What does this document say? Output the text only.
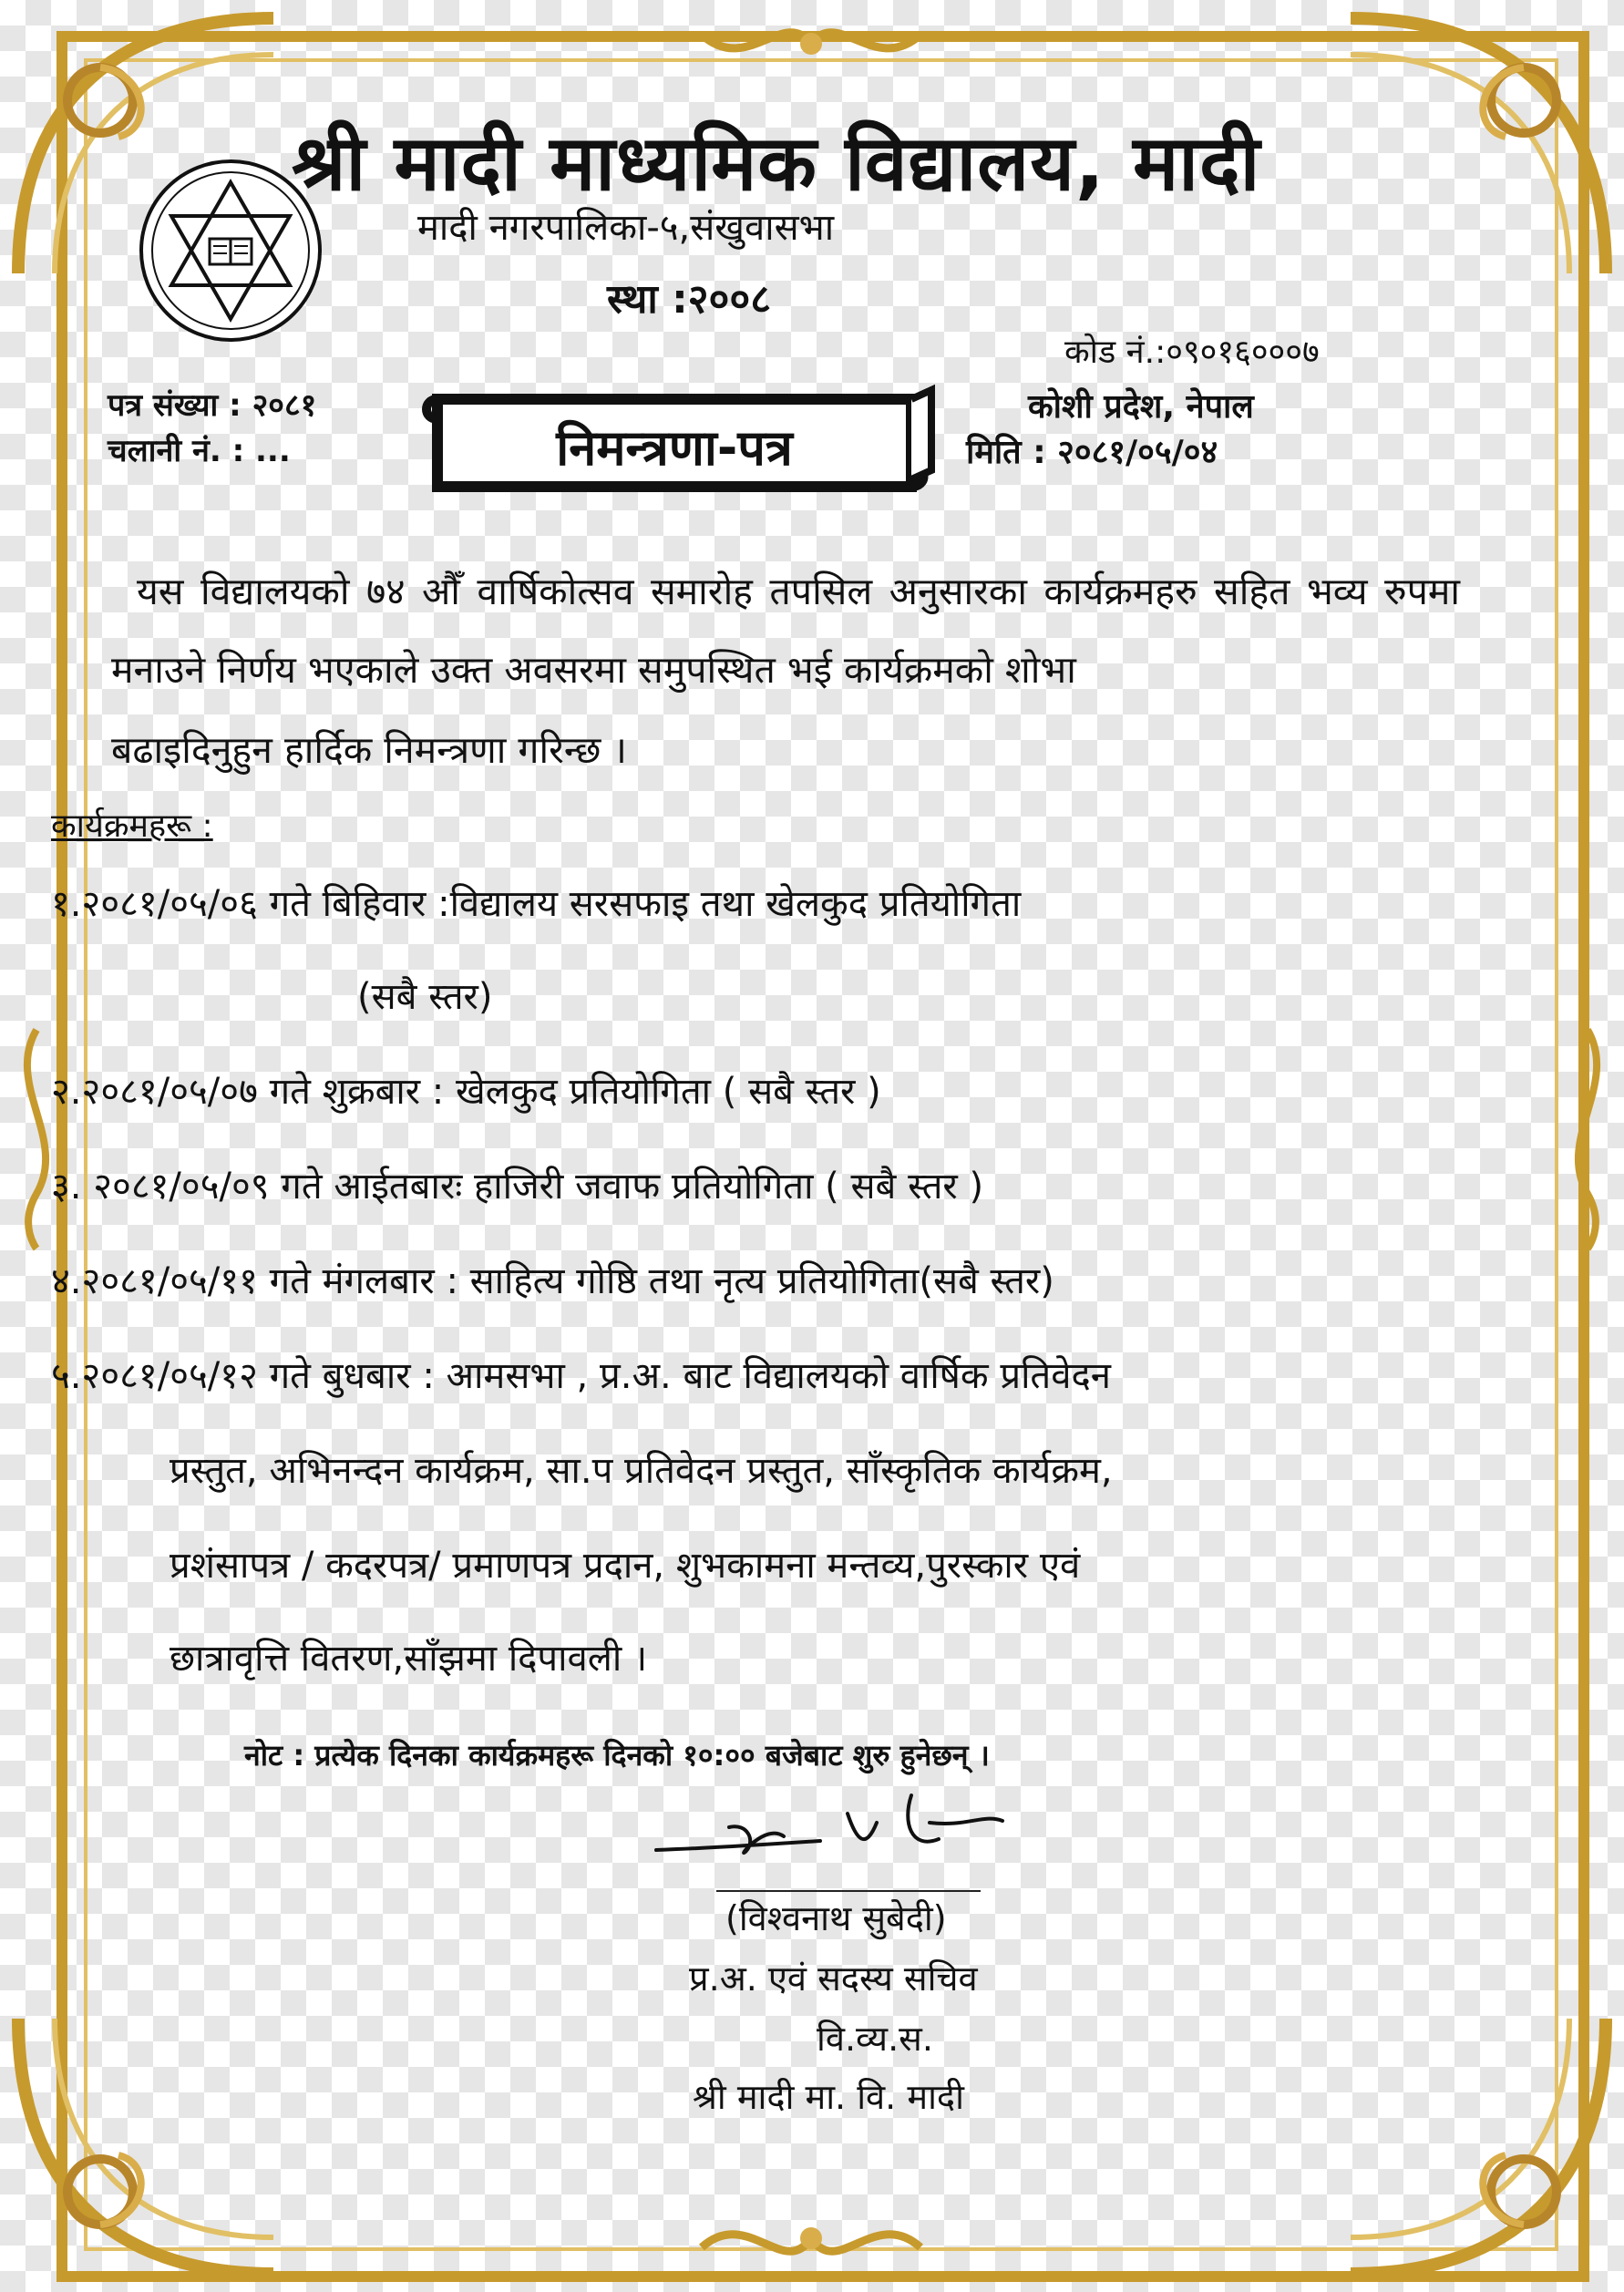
श्री मादी माध्यमिक विद्यालय, मादी
मादी नगरपालिका-५,संखुवासभा
स्था :२००८
कोड नं.:०९०१६०००७
पत्र संख्या : २०८१
चलानी नं. : ...
कोशी प्रदेश, नेपाल
मिति : २०८१/०५/०४
निमन्त्रणा-पत्र
यस विद्यालयको ७४ औँ वार्षिकोत्सव समारोह तपसिल अनुसारका कार्यक्रमहरु सहित भव्य रुपमा मनाउने निर्णय भएकाले उक्त अवसरमा समुपस्थित भई कार्यक्रमको शोभा
बढाइदिनुहुन हार्दिक निमन्त्रणा गरिन्छ ।
कार्यक्रमहरू :
१.२०८१/०५/०६ गते बिहिवार :विद्यालय सरसफाइ तथा खेलकुद प्रतियोगिता
(सबै स्तर)
२.२०८१/०५/०७ गते शुक्रबार : खेलकुद प्रतियोगिता ( सबै स्तर )
३. २०८१/०५/०९ गते आईतबारः हाजिरी जवाफ प्रतियोगिता ( सबै स्तर )
४.२०८१/०५/११ गते मंगलबार : साहित्य गोष्ठि तथा नृत्य प्रतियोगिता(सबै स्तर)
५.२०८१/०५/१२ गते बुधबार : आमसभा , प्र.अ. बाट विद्यालयको वार्षिक प्रतिवेदन
प्रस्तुत, अभिनन्दन कार्यक्रम, सा.प प्रतिवेदन प्रस्तुत, साँस्कृतिक कार्यक्रम,
प्रशंसापत्र / कदरपत्र/ प्रमाणपत्र प्रदान, शुभकामना मन्तव्य,पुरस्कार एवं
छात्रावृत्ति वितरण,साँझमा दिपावली ।
नोट : प्रत्येक दिनका कार्यक्रमहरू दिनको १०:०० बजेबाट शुरु हुनेछन् ।
(विश्वनाथ सुबेदी)
प्र.अ. एवं सदस्य सचिव
वि.व्य.स.
श्री मादी मा. वि. मादी
